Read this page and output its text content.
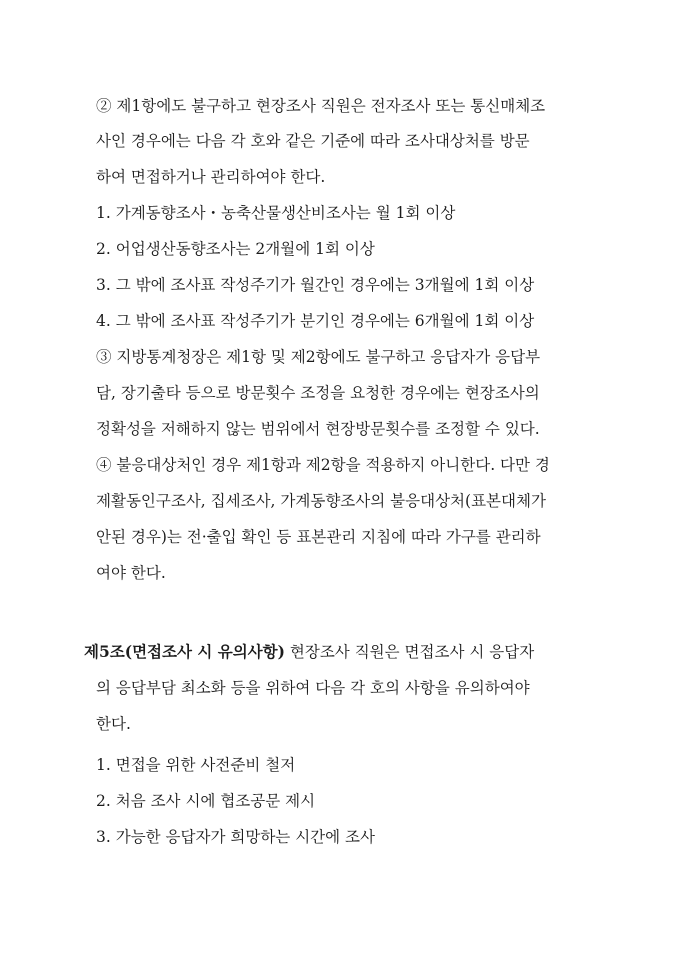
② 제1항에도 불구하고 현장조사 직원은 전자조사 또는 통신매체조
사인 경우에는 다음 각 호와 같은 기준에 따라 조사대상처를 방문
하여 면접하거나 관리하여야 한다.
1. 가계동향조사・농축산물생산비조사는 월 1회 이상
2. 어업생산동향조사는 2개월에 1회 이상
3. 그 밖에 조사표 작성주기가 월간인 경우에는 3개월에 1회 이상
4. 그 밖에 조사표 작성주기가 분기인 경우에는 6개월에 1회 이상
③ 지방통계청장은 제1항 및 제2항에도 불구하고 응답자가 응답부
담, 장기출타 등으로 방문횟수 조정을 요청한 경우에는 현장조사의
정확성을 저해하지 않는 범위에서 현장방문횟수를 조정할 수 있다.
④ 불응대상처인 경우 제1항과 제2항을 적용하지 아니한다. 다만 경
제활동인구조사, 집세조사, 가계동향조사의 불응대상처(표본대체가
안된 경우)는 전·출입 확인 등 표본관리 지침에 따라 가구를 관리하
여야 한다.
제5조(면접조사 시 유의사항) 현장조사 직원은 면접조사 시 응답자
의 응답부담 최소화 등을 위하여 다음 각 호의 사항을 유의하여야
한다.
1. 면접을 위한 사전준비 철저
2. 처음 조사 시에 협조공문 제시
3. 가능한 응답자가 희망하는 시간에 조사
